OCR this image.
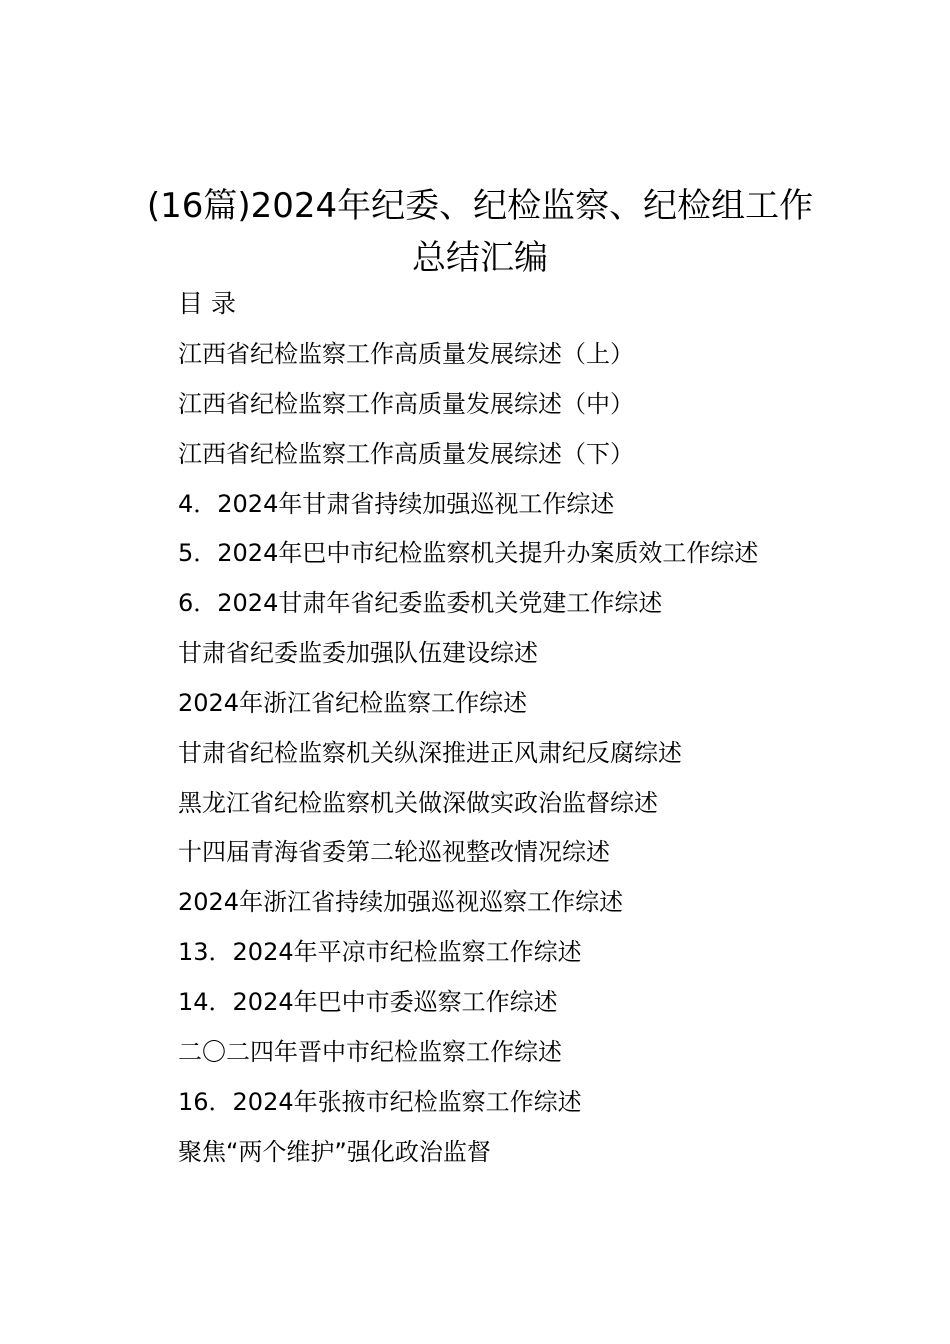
(16篇)2024年纪委、纪检监察、纪检组工作
总结汇编
目 录
江西省纪检监察工作高质量发展综述（上）
江西省纪检监察工作高质量发展综述（中）
江西省纪检监察工作高质量发展综述（下）
4．2024年甘肃省持续加强巡视工作综述
5．2024年巴中市纪检监察机关提升办案质效工作综述
6．2024甘肃年省纪委监委机关党建工作综述
甘肃省纪委监委加强队伍建设综述
2024年浙江省纪检监察工作综述
甘肃省纪检监察机关纵深推进正风肃纪反腐综述
黑龙江省纪检监察机关做深做实政治监督综述
十四届青海省委第二轮巡视整改情况综述
2024年浙江省持续加强巡视巡察工作综述
13．2024年平凉市纪检监察工作综述
14．2024年巴中市委巡察工作综述
二〇二四年晋中市纪检监察工作综述
16．2024年张掖市纪检监察工作综述
聚焦“两个维护”强化政治监督
